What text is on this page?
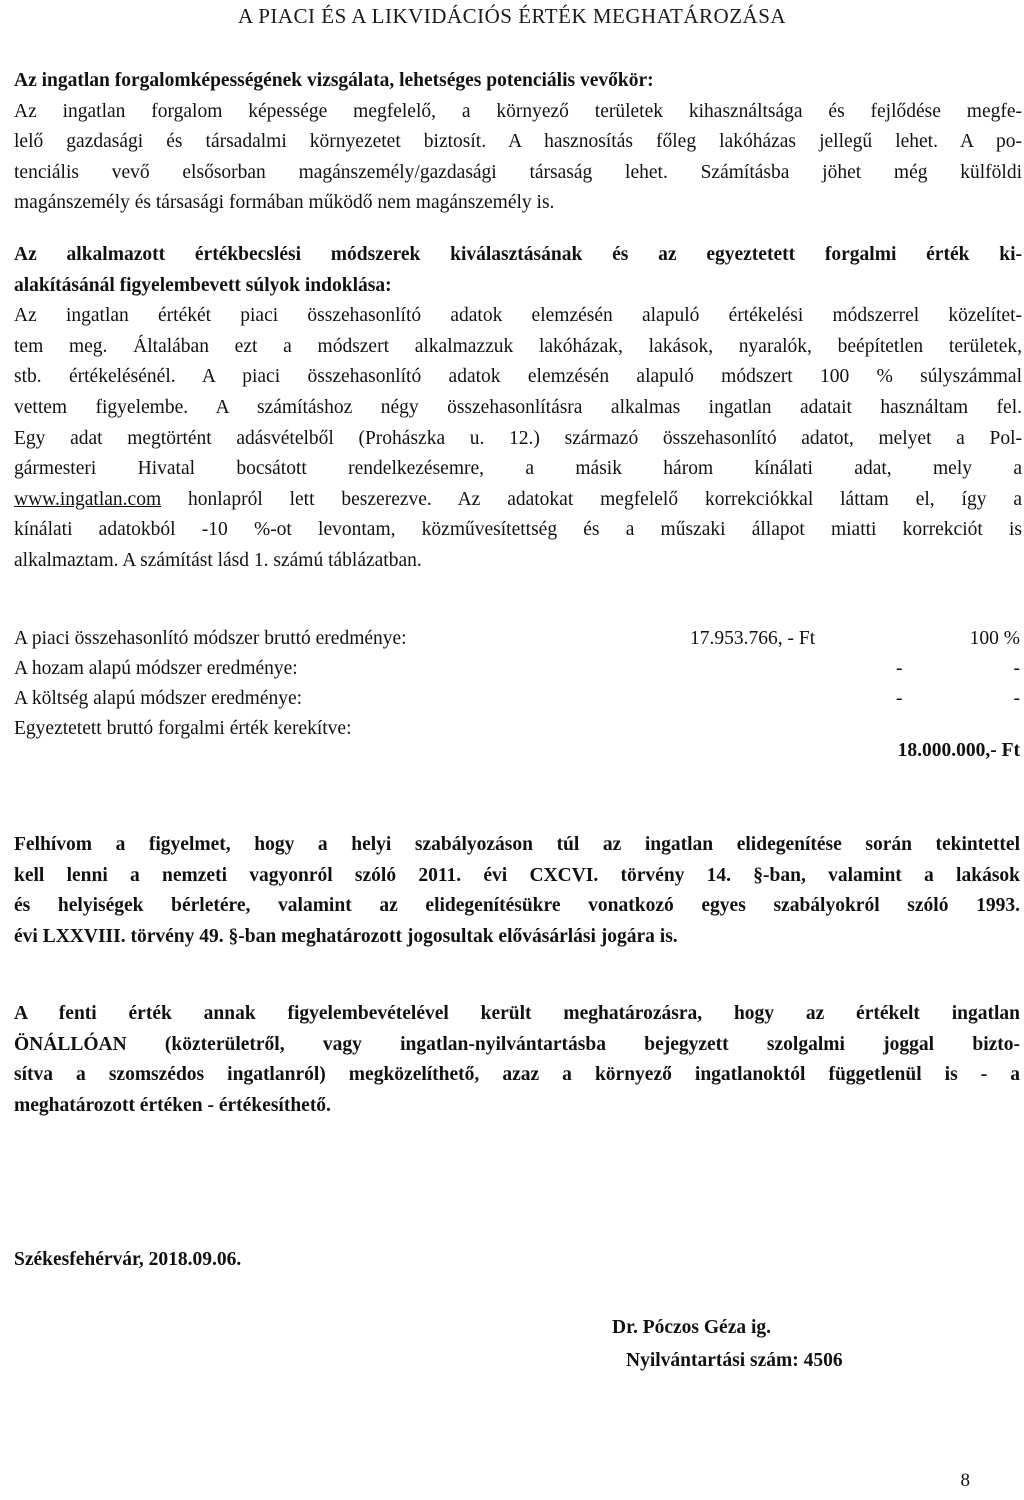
A PIACI ÉS A LIKVIDÁCIÓS ÉRTÉK MEGHATÁROZÁSA
Az ingatlan forgalomképességének vizsgálata, lehetséges potenciális vevőkör:
Az ingatlan forgalom képessége megfelelő, a környező területek kihasználtsága és fejlődése megfe-
lelő gazdasági és társadalmi környezetet biztosít. A hasznosítás főleg lakóházas jellegű lehet. A po-
tenciális vevő elsősorban magánszemély/gazdasági társaság lehet. Számításba jöhet még külföldi
magánszemély és társasági formában működő nem magánszemély is.
Az alkalmazott értékbecslési módszerek kiválasztásának és az egyeztetett forgalmi érték ki-
alakításánál figyelembevett súlyok indoklása:
Az ingatlan értékét piaci összehasonlító adatok elemzésén alapuló értékelési módszerrel közelítet-
tem meg. Általában ezt a módszert alkalmazzuk lakóházak, lakások, nyaralók, beépítetlen területek,
stb. értékelésénél. A piaci összehasonlító adatok elemzésén alapuló módszert 100 % súlyszámmal
vettem figyelembe. A számításhoz négy összehasonlításra alkalmas ingatlan adatait használtam fel.
Egy adat megtörtént adásvételből (Prohászka u. 12.) származó összehasonlító adatot, melyet a Pol-
gármesteri Hivatal bocsátott rendelkezésemre, a másik három kínálati adat, mely a
www.ingatlan.com honlapról lett beszerezve. Az adatokat megfelelő korrekciókkal láttam el, így a
kínálati adatokból -10 %-ot levontam, közművesítettség és a műszaki állapot miatti korrekciót is
alkalmaztam. A számítást lásd 1. számú táblázatban.
A piaci összehasonlító módszer bruttó eredménye:	17.953.766, - Ft	100 %
A hozam alapú módszer eredménye:	-	-
A költség alapú módszer eredménye:	-	-
Egyeztetett bruttó forgalmi érték kerekítve:
18.000.000,- Ft
Felhívom a figyelmet, hogy a helyi szabályozáson túl az ingatlan elidegenítése során tekintettel
kell lenni a nemzeti vagyonról szóló 2011. évi CXCVI. törvény 14. §-ban, valamint a lakások
és helyiségek bérletére, valamint az elidegenítésükre vonatkozó egyes szabályokról szóló 1993.
évi LXXVIII. törvény 49. §-ban meghatározott jogosultak elővásárlási jogára is.
A fenti érték annak figyelembevételével került meghatározásra, hogy az értékelt ingatlan
ÖNÁLLÓAN (közterületről, vagy ingatlan-nyilvántartásba bejegyzett szolgalmi joggal bizto-
sítva a szomszédos ingatlanról) megközelíthető, azaz a környező ingatlanoktól függetlenül is - a
meghatározott értéken - értékesíthető.
Székesfehérvár, 2018.09.06.
Dr. Póczos Géza ig.
Nyilvántartási szám: 4506
8
